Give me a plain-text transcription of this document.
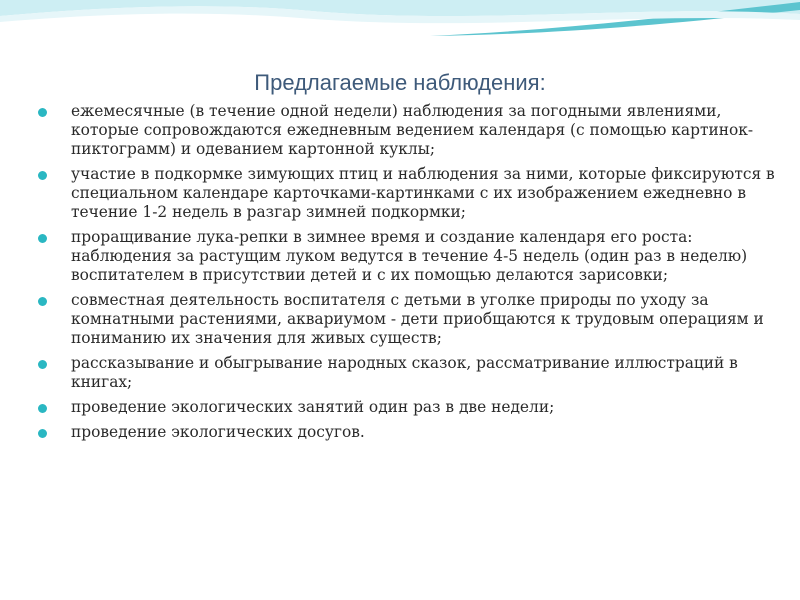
Предлагаемые наблюдения:
ежемесячные (в течение одной недели) наблюдения за погодными явлениями, которые сопровождаются ежедневным ведением календаря (с помощью картинок-пиктограмм) и одеванием картонной куклы;
участие в подкормке зимующих птиц и наблюдения за ними, которые фиксируются в специальном календаре карточками-картинками с их изображением ежедневно в течение 1-2 недель в разгар зимней подкормки;
проращивание лука-репки в зимнее время и создание календаря его роста: наблюдения за растущим луком ведутся в течение 4-5 недель (один раз в неделю) воспитателем в присутствии детей и с их помощью делаются зарисовки;
совместная деятельность воспитателя с детьми в уголке природы по уходу за комнатными растениями, аквариумом - дети приобщаются к трудовым операциям и пониманию их значения для живых существ;
рассказывание и обыгрывание народных сказок, рассматривание иллюстраций в книгах;
проведение экологических занятий один раз в две недели;
проведение экологических досугов.
